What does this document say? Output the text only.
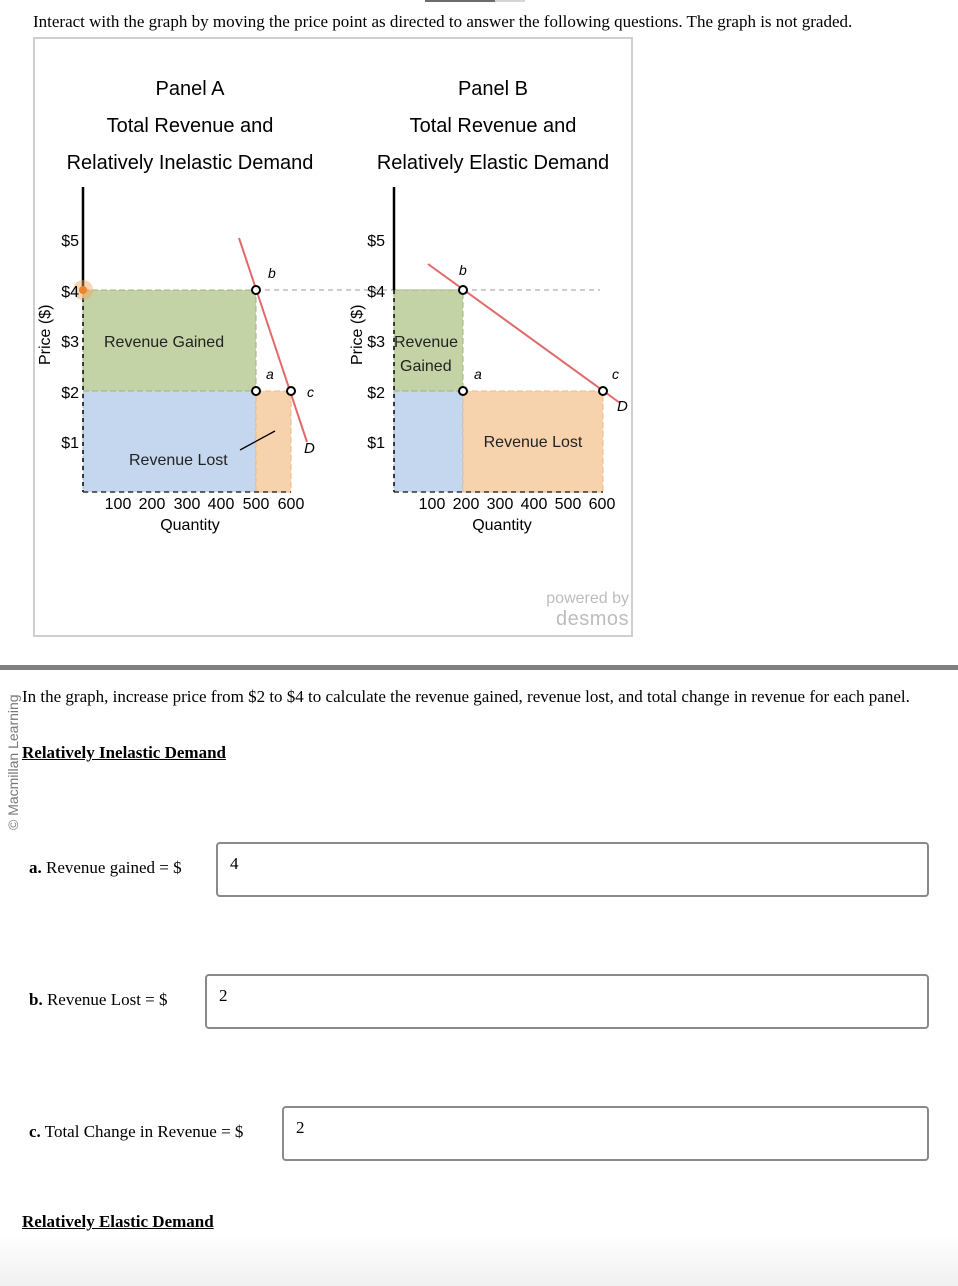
Interact with the graph by moving the price point as directed to answer the following questions. The graph is not graded.
Panel A
Total Revenue and
Relatively Inelastic Demand
Panel B
Total Revenue and
Relatively Elastic Demand
b
a
c
D
Revenue Gained
Revenue Lost
$5
$4
$3
$2
$1
Price ($)
100 200 300 400 500 600
Quantity
b
a	c
D
Revenue
Gained
Revenue Lost
$5
$4
$3
$2
$1
Price ($)
100 200 300 400 500 600
Quantity
powered by
desmos
© Macmillan Learning In the graph, increase price from $2 to $4 to calculate the revenue gained, revenue lost, and total change in revenue for each panel.
Relatively Inelastic Demand
a. Revenue gained = $	4
b. Revenue Lost = $	2
c. Total Change in Revenue = $	2
Relatively Elastic Demand
